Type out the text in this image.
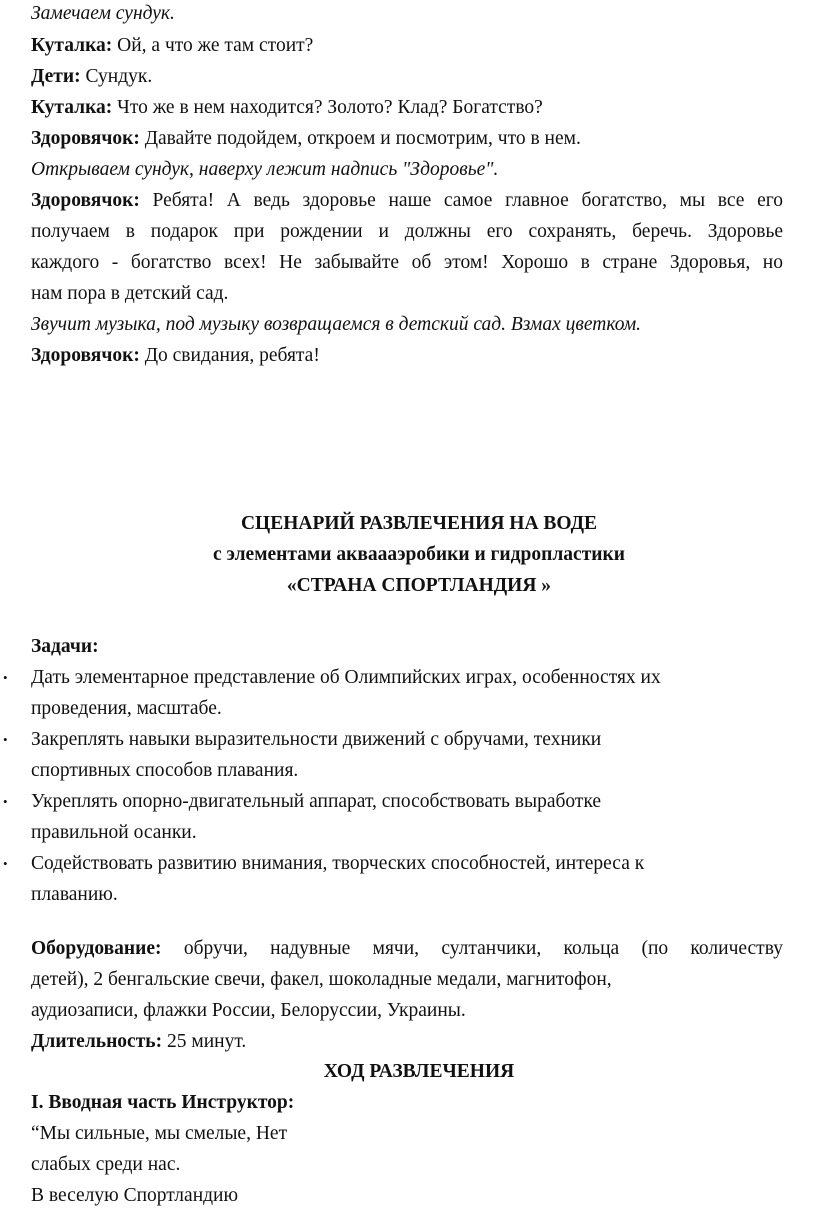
Замечаем сундук.
Куталка: Ой, а что же там стоит?
Дети: Сундук.
Куталка: Что же в нем находится? Золото? Клад? Богатство?
Здоровячок: Давайте подойдем, откроем и посмотрим, что в нем.
Открываем сундук, наверху лежит надпись "Здоровье".
Здоровячок: Ребята! А ведь здоровье наше самое главное богатство, мы все его
получаем в подарок при рождении и должны его сохранять, беречь. Здоровье
каждого - богатство всех! Не забывайте об этом! Хорошо в стране Здоровья, но
нам пора в детский сад.
Звучит музыка, под музыку возвращаемся в детский сад. Взмах цветком.
Здоровячок: До свидания, ребята!
СЦЕНАРИЙ РАЗВЛЕЧЕНИЯ НА ВОДЕ
с элементами акваааэробики и гидропластики
«СТРАНА СПОРТЛАНДИЯ »
Задачи:
• Дать элементарное представление об Олимпийских играх, особенностях их
проведения, масштабе.
• Закреплять навыки выразительности движений с обручами, техники
спортивных способов плавания.
• Укреплять опорно-двигательный аппарат, способствовать выработке
правильной осанки.
• Содействовать развитию внимания, творческих способностей, интереса к
плаванию.
Оборудование: обручи, надувные мячи, султанчики, кольца (по количеству
детей), 2 бенгальские свечи, факел, шоколадные медали, магнитофон,
аудиозаписи, флажки России, Белоруссии, Украины.
Длительность: 25 минут.
ХОД РАЗВЛЕЧЕНИЯ
I. Вводная часть Инструктор:
“Мы сильные, мы смелые, Нет
слабых среди нас.
В веселую Спортландию
